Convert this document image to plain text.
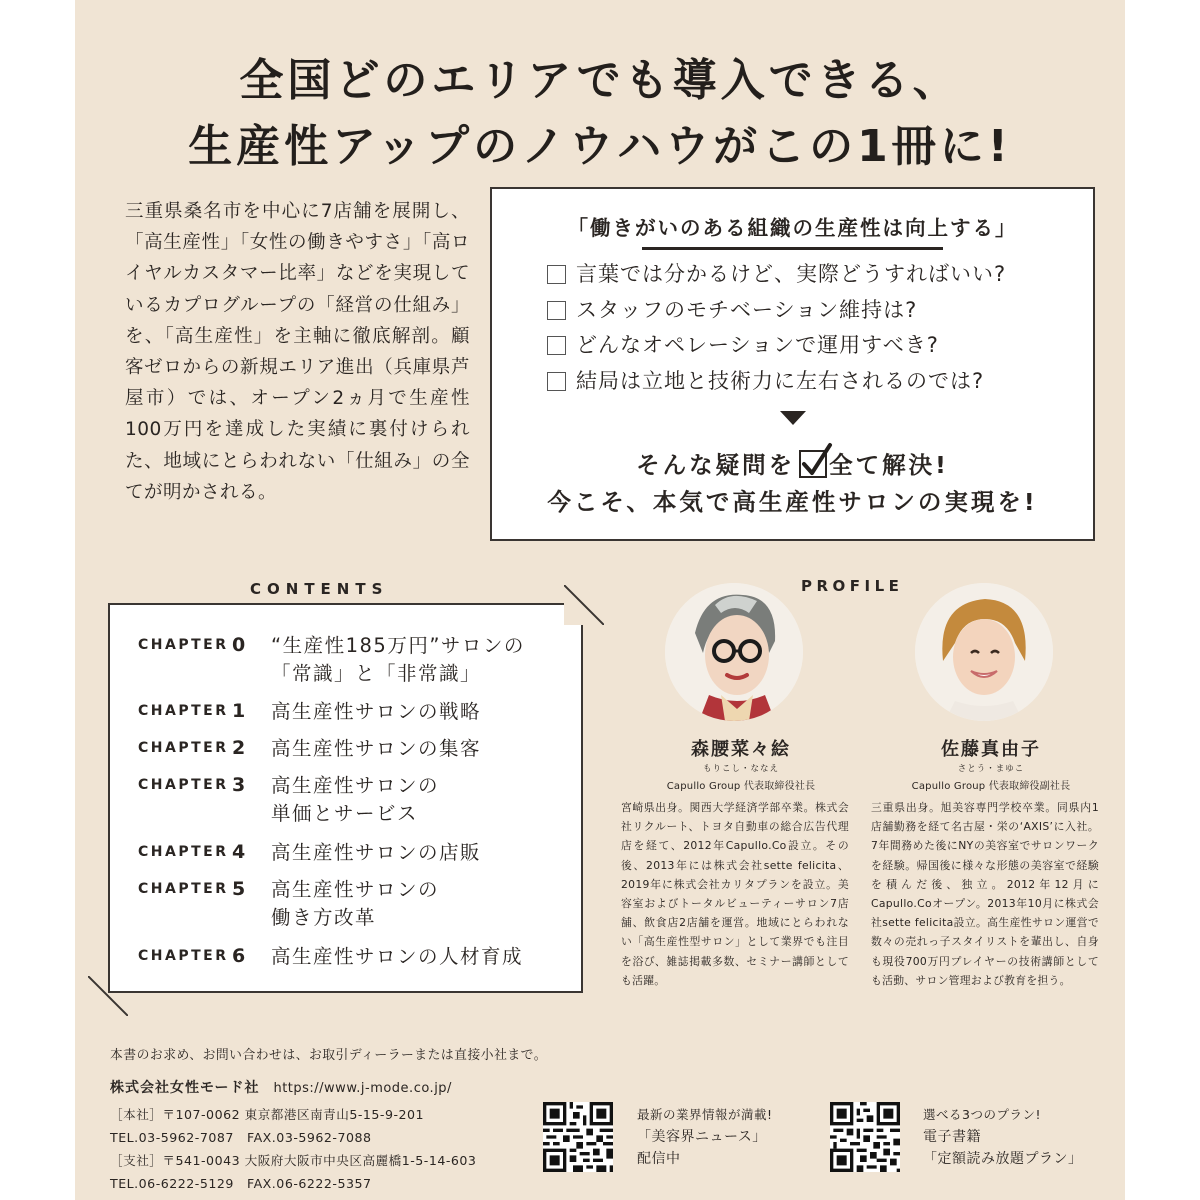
全国どのエリアでも導入できる、
生産性アップのノウハウがこの1冊に!

三重県桑名市を中心に7店舗を展開し、「高生産性」「女性の働きやすさ」「高ロイヤルカスタマー比率」などを実現しているカプログループの「経営の仕組み」を、「高生産性」を主軸に徹底解剖。顧客ゼロからの新規エリア進出（兵庫県芦屋市）では、オープン2ヵ月で生産性100万円を達成した実績に裏付けられた、地域にとらわれない「仕組み」の全てが明かされる。

「働きがいのある組織の生産性は向上する」
言葉では分かるけど、実際どうすればいい?
スタッフのモチベーション維持は?
どんなオペレーションで運用すべき?
結局は立地と技術力に左右されるのでは?
そんな疑問を 全て解決!
今こそ、本気で高生産性サロンの実現を!
CONTENTS
CHAPTER 0 “生産性185万円”サロンの
「常識」と「非常識」
CHAPTER 1 高生産性サロンの戦略
CHAPTER 2 高生産性サロンの集客
CHAPTER 3 高生産性サロンの
単価とサービス
CHAPTER 4 高生産性サロンの店販
CHAPTER 5 高生産性サロンの
働き方改革
CHAPTER 6 高生産性サロンの人材育成
PROFILE
森腰菜々絵
もりこし・ななえ
Capullo Group 代表取締役社長

宮崎県出身。関西大学経済学部卒業。株式会社リクルート、トヨタ自動車の総合広告代理店を経て、2012年Capullo.Co設立。その後、2013年には株式会社sette felicita、2019年に株式会社カリタプランを設立。美容室およびトータルビューティーサロン7店舗、飲食店2店舗を運営。地域にとらわれない「高生産性型サロン」として業界でも注目を浴び、雑誌掲載多数、セミナー講師としても活躍。

佐藤真由子
さとう・まゆこ
Capullo Group 代表取締役副社長

三重県出身。旭美容専門学校卒業。同県内1店舗勤務を経て名古屋・栄の‘AXIS’に入社。7年間務めた後にNYの美容室でサロンワークを経験。帰国後に様々な形態の美容室で経験を積んだ後、独立。2012年12月にCapullo.Coオープン。2013年10月に株式会社sette felicita設立。高生産性サロン運営で数々の売れっ子スタイリストを輩出し、自身も現役700万円プレイヤーの技術講師としても活動、サロン管理および教育を担う。

本書のお求め、お問い合わせは、お取引ディーラーまたは直接小社まで。
株式会社女性モード社 https://www.j-mode.co.jp/
［本社］〒107-0062 東京都港区南青山5-15-9-201
TEL.03-5962-7087　FAX.03-5962-7088
［支社］〒541-0043 大阪府大阪市中央区高麗橋1-5-14-603
TEL.06-6222-5129　FAX.06-6222-5357
最新の業界情報が満載!
「美容界ニュース」
配信中
選べる3つのプラン!
電子書籍
「定額読み放題プラン」
